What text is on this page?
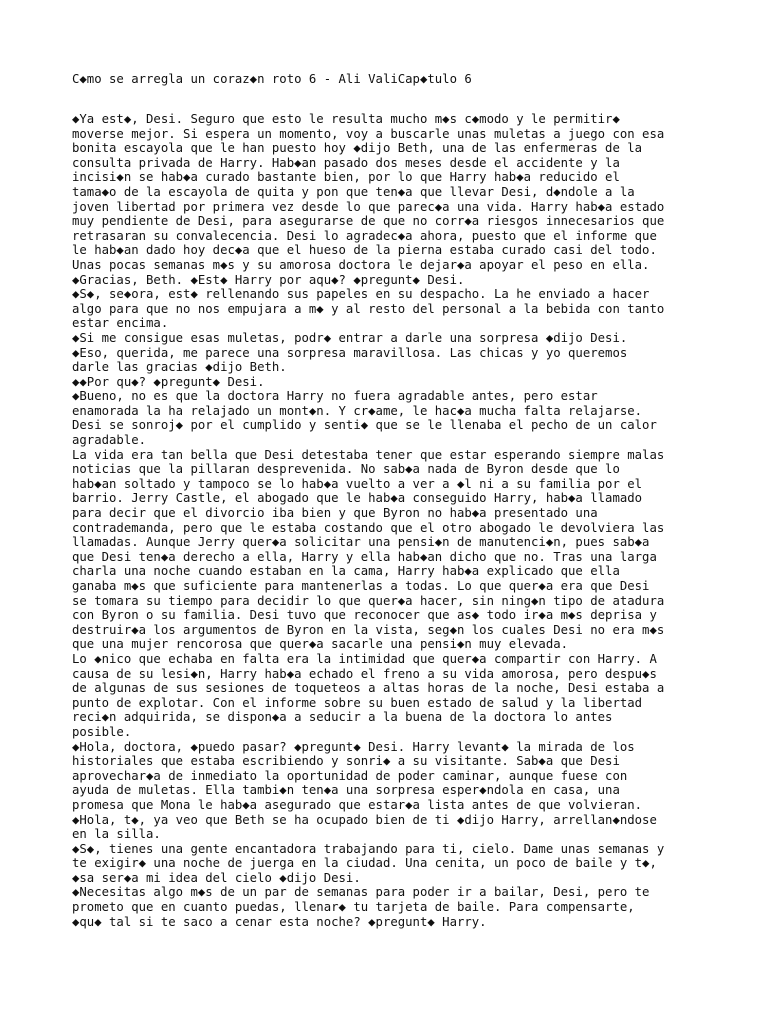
C◆mo se arregla un coraz◆n roto 6 - Ali ValiCap◆tulo 6

◆Ya est◆, Desi. Seguro que esto le resulta mucho m◆s c◆modo y le permitir◆
moverse mejor. Si espera un momento, voy a buscarle unas muletas a juego con esa
bonita escayola que le han puesto hoy ◆dijo Beth, una de las enfermeras de la
consulta privada de Harry. Hab◆an pasado dos meses desde el accidente y la
incisi◆n se hab◆a curado bastante bien, por lo que Harry hab◆a reducido el
tama◆o de la escayola de quita y pon que ten◆a que llevar Desi, d◆ndole a la
joven libertad por primera vez desde lo que parec◆a una vida. Harry hab◆a estado
muy pendiente de Desi, para asegurarse de que no corr◆a riesgos innecesarios que
retrasaran su convalecencia. Desi lo agradec◆a ahora, puesto que el informe que
le hab◆an dado hoy dec◆a que el hueso de la pierna estaba curado casi del todo.
Unas pocas semanas m◆s y su amorosa doctora le dejar◆a apoyar el peso en ella.

◆Gracias, Beth. ◆Est◆ Harry por aqu◆? ◆pregunt◆ Desi.

◆S◆, se◆ora, est◆ rellenando sus papeles en su despacho. La he enviado a hacer
algo para que no nos empujara a m◆ y al resto del personal a la bebida con tanto
estar encima.

◆Si me consigue esas muletas, podr◆ entrar a darle una sorpresa ◆dijo Desi.

◆Eso, querida, me parece una sorpresa maravillosa. Las chicas y yo queremos
darle las gracias ◆dijo Beth.

◆◆Por qu◆? ◆pregunt◆ Desi.

◆Bueno, no es que la doctora Harry no fuera agradable antes, pero estar
enamorada la ha relajado un mont◆n. Y cr◆ame, le hac◆a mucha falta relajarse.
Desi se sonroj◆ por el cumplido y senti◆ que se le llenaba el pecho de un calor
agradable.

La vida era tan bella que Desi detestaba tener que estar esperando siempre malas
noticias que la pillaran desprevenida. No sab◆a nada de Byron desde que lo
hab◆an soltado y tampoco se lo hab◆a vuelto a ver a ◆l ni a su familia por el
barrio. Jerry Castle, el abogado que le hab◆a conseguido Harry, hab◆a llamado
para decir que el divorcio iba bien y que Byron no hab◆a presentado una
contrademanda, pero que le estaba costando que el otro abogado le devolviera las
llamadas. Aunque Jerry quer◆a solicitar una pensi◆n de manutenci◆n, pues sab◆a
que Desi ten◆a derecho a ella, Harry y ella hab◆an dicho que no. Tras una larga
charla una noche cuando estaban en la cama, Harry hab◆a explicado que ella
ganaba m◆s que suficiente para mantenerlas a todas. Lo que quer◆a era que Desi
se tomara su tiempo para decidir lo que quer◆a hacer, sin ning◆n tipo de atadura
con Byron o su familia. Desi tuvo que reconocer que as◆ todo ir◆a m◆s deprisa y
destruir◆a los argumentos de Byron en la vista, seg◆n los cuales Desi no era m◆s
que una mujer rencorosa que quer◆a sacarle una pensi◆n muy elevada.

Lo ◆nico que echaba en falta era la intimidad que quer◆a compartir con Harry. A
causa de su lesi◆n, Harry hab◆a echado el freno a su vida amorosa, pero despu◆s
de algunas de sus sesiones de toqueteos a altas horas de la noche, Desi estaba a
punto de explotar. Con el informe sobre su buen estado de salud y la libertad
reci◆n adquirida, se dispon◆a a seducir a la buena de la doctora lo antes
posible.

◆Hola, doctora, ◆puedo pasar? ◆pregunt◆ Desi. Harry levant◆ la mirada de los
historiales que estaba escribiendo y sonri◆ a su visitante. Sab◆a que Desi
aprovechar◆a de inmediato la oportunidad de poder caminar, aunque fuese con
ayuda de muletas. Ella tambi◆n ten◆a una sorpresa esper◆ndola en casa, una
promesa que Mona le hab◆a asegurado que estar◆a lista antes de que volvieran.

◆Hola, t◆, ya veo que Beth se ha ocupado bien de ti ◆dijo Harry, arrellan◆ndose
en la silla.

◆S◆, tienes una gente encantadora trabajando para ti, cielo. Dame unas semanas y
te exigir◆ una noche de juerga en la ciudad. Una cenita, un poco de baile y t◆,
◆sa ser◆a mi idea del cielo ◆dijo Desi.

◆Necesitas algo m◆s de un par de semanas para poder ir a bailar, Desi, pero te
prometo que en cuanto puedas, llenar◆ tu tarjeta de baile. Para compensarte,
◆qu◆ tal si te saco a cenar esta noche? ◆pregunt◆ Harry.
